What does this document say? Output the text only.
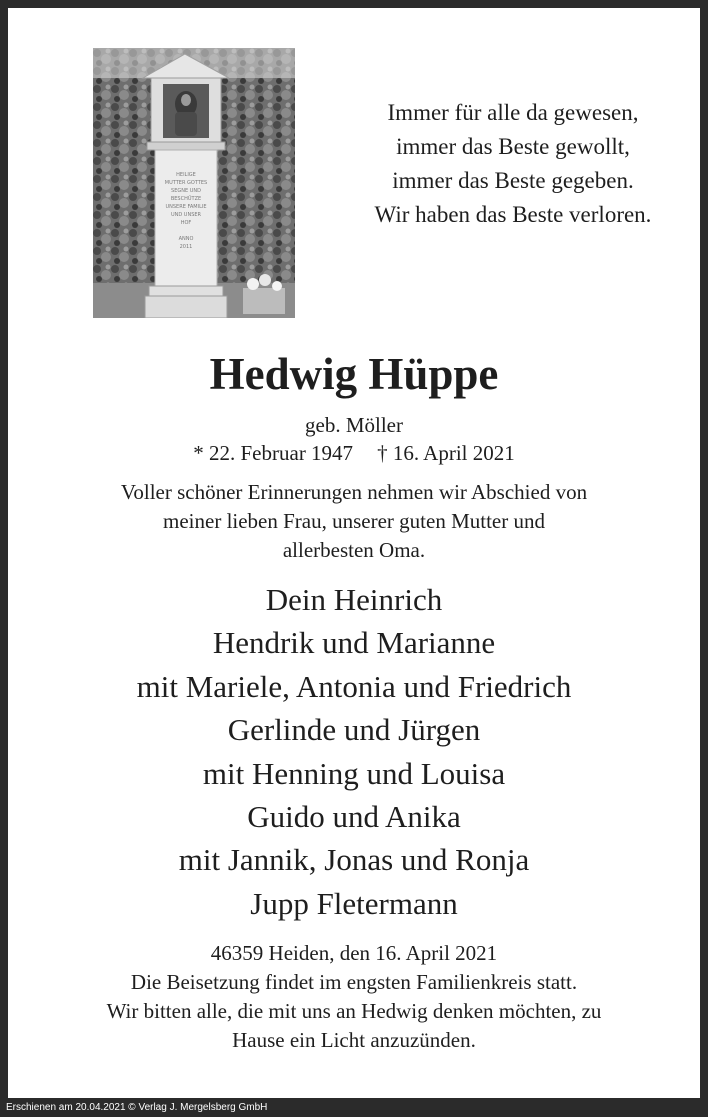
HEILIGE
MUTTER GOTTES
SEGNE UND
BESCHÜTZE
UNSERE FAMILIE
UND UNSER
HOF
ANNO
2011
Immer für alle da gewesen,
immer das Beste gewollt,
immer das Beste gegeben.
Wir haben das Beste verloren.
Hedwig Hüppe
geb. Möller
* 22. Februar 1947 † 16. April 2021
Voller schöner Erinnerungen nehmen wir Abschied von
meiner lieben Frau, unserer guten Mutter und
allerbesten Oma.
Dein Heinrich
Hendrik und Marianne
mit Mariele, Antonia und Friedrich
Gerlinde und Jürgen
mit Henning und Louisa
Guido und Anika
mit Jannik, Jonas und Ronja
Jupp Fletermann
46359 Heiden, den 16. April 2021
Die Beisetzung findet im engsten Familienkreis statt.
Wir bitten alle, die mit uns an Hedwig denken möchten, zu
Hause ein Licht anzuzünden.
Erschienen am 20.04.2021 © Verlag J. Mergelsberg GmbH
